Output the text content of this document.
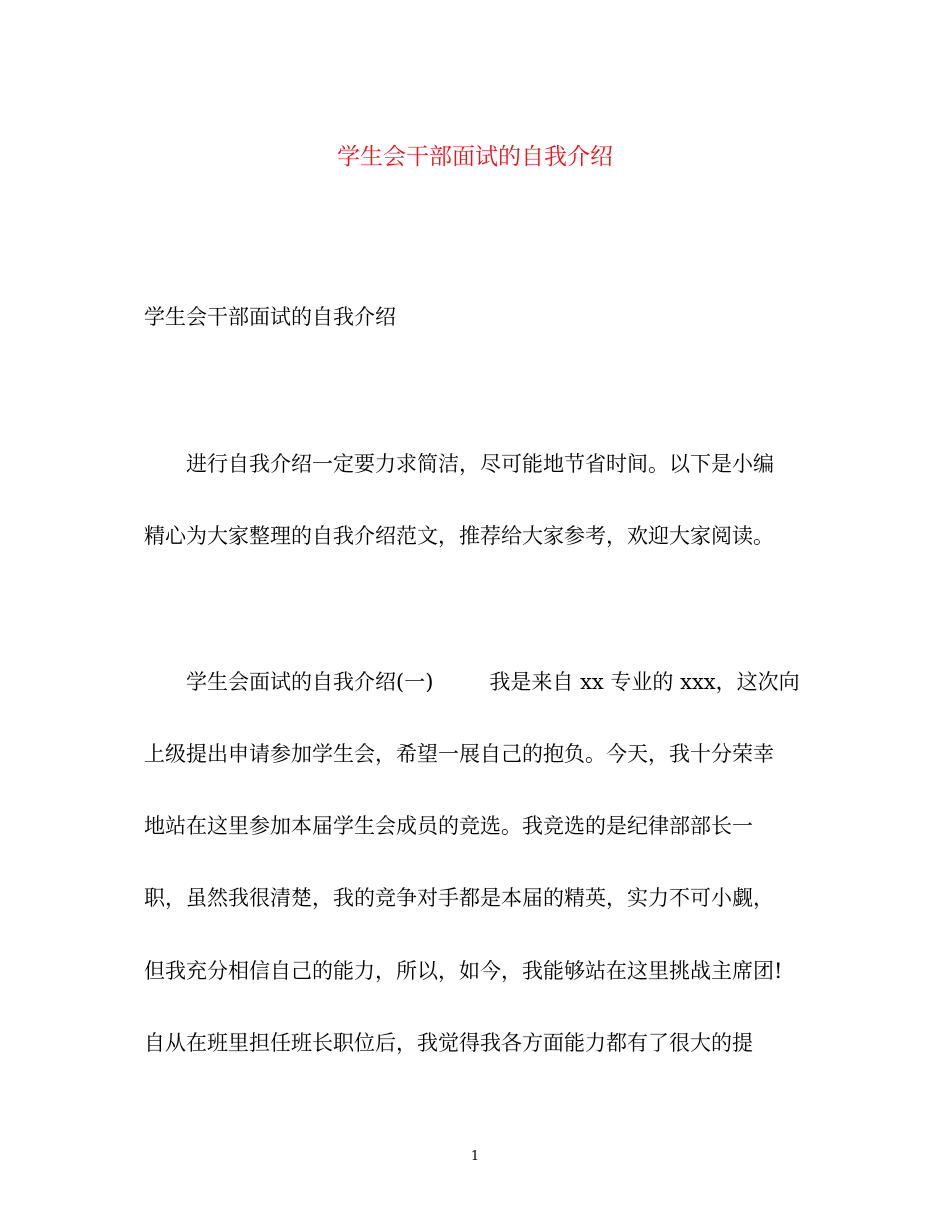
学生会干部面试的自我介绍
学生会干部面试的自我介绍
进行自我介绍一定要力求简洁，尽可能地节省时间。以下是小编
精心为大家整理的自我介绍范文，推荐给大家参考，欢迎大家阅读。
学生会面试的自我介绍(一)	我是来自 xx 专业的 xxx，这次向
上级提出申请参加学生会，希望一展自己的抱负。今天，我十分荣幸
地站在这里参加本届学生会成员的竞选。我竞选的是纪律部部长一
职，虽然我很清楚，我的竞争对手都是本届的精英，实力不可小觑，
但我充分相信自己的能力，所以，如今，我能够站在这里挑战主席团!
自从在班里担任班长职位后，我觉得我各方面能力都有了很大的提
1
